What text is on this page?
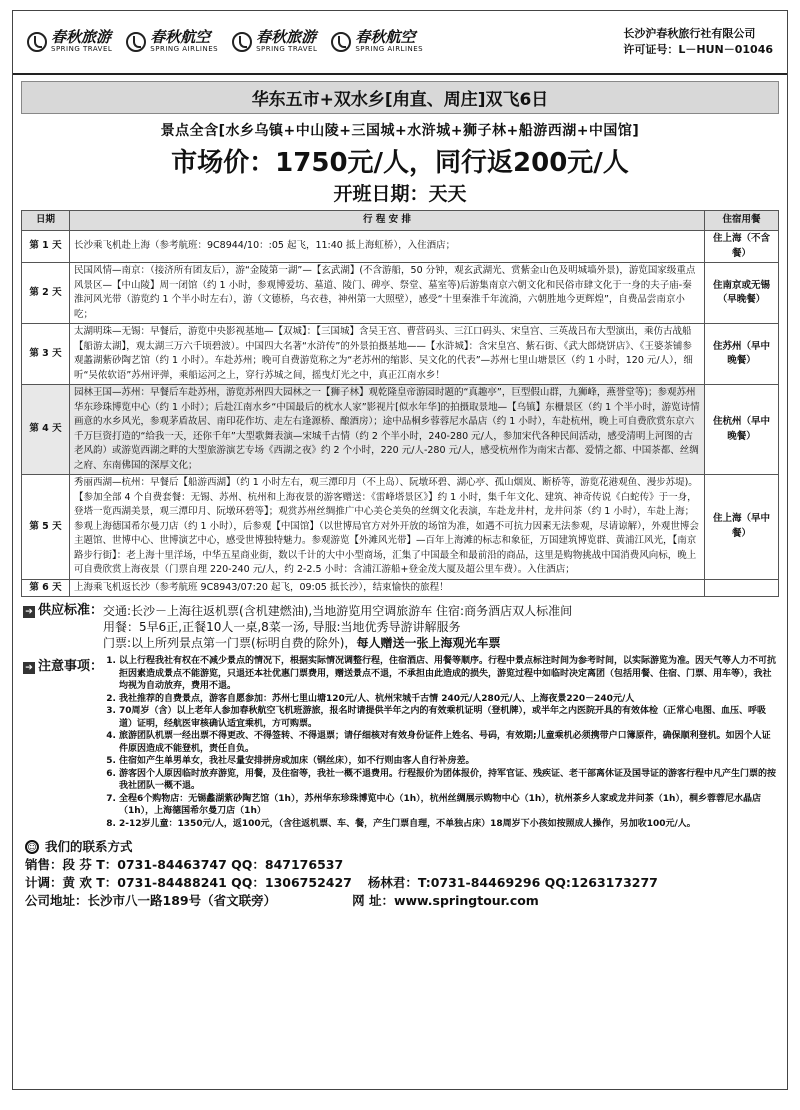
春秋旅游
SPRING TRAVEL
春秋航空
SPRING AIRLINES
春秋旅游
SPRING TRAVEL
春秋航空
SPRING AIRLINES
长沙沪春秋旅行社有限公司
许可证号：L－HUN－01046
华东五市+双水乡[甪直、周庄]双飞6日
景点全含[水乡乌镇+中山陵+三国城+水浒城+狮子林+船游西湖+中国馆]
市场价：1750元/人，同行返200元/人
开班日期：天天
日期	行 程 安 排	住宿用餐
第 1 天	长沙乘飞机赴上海（参考航班：9C8944/10：:05 起飞，11:40 抵上海虹桥），入住酒店；	住上海（不含餐）
第 2 天	民国风情—南京：（接济所有团友后），游“金陵第一湖”—【玄武湖】(不含游船，50 分钟，观玄武湖光、赏紫金山色及明城墙外景)，游览国家级重点风景区—【中山陵】周一闭馆（约 1 小时，参观博爱坊、墓道、陵门、碑亭、祭堂、墓室等)后游集南京六朝文化和民俗市肆文化于一身的夫子庙-秦淮河风光带（游览约 1 个半小时左右），游（文德桥，乌衣巷，神州第一大照壁），感受“十里秦淮千年流淌，六朝胜地今更辉煌”，自费品尝南京小吃；	住南京或无锡（早晚餐）
第 3 天	太湖明珠—无锡：早餐后，游览中央影视基地—【双城】：【三国城】含吴王宫、曹营码头、三江口码头、宋皇宫、三英战吕布大型演出，乘仿古战船【船游太湖】，观太湖三万六千顷碧波）。中国四大名著“水浒传”的外景拍摄基地——【水浒城】：含宋皇宫、紫石街、《武大郎烧饼店》、《王婆茶铺参观蠡湖紫砂陶艺馆（约 1 小时）。车赴苏州；晚可自费游览称之为“老苏州的缩影、吴文化的代表”—苏州七里山塘景区（约 1 小时，120 元/人），细听“吴侬软语”苏州评弹，乘船运河之上，穿行苏城之间，摇曳灯光之中，真正江南水乡！	住苏州（早中晚餐）
第 4 天	园林王国—苏州：早餐后车赴苏州，游览苏州四大园林之一【狮子林】观乾隆皇帝游园时题的“真趣亭”，巨型假山群，九狮峰，燕誉堂等)；参观苏州华东珍珠博览中心（约 1 小时）；后赴江南水乡“中国最后的枕水人家”影视片[似水年华]的拍摄取景地—【乌镇】东栅景区（约 1 个半小时，游览诗情画意的水乡风光，参观茅盾故居、南印花作坊、走左右逢源桥、酿酒房）；途中品桐乡蓉蓉尼水晶店（约 1 小时），车赴杭州，晚上可自费欣赏东京六千万巨资打造的“给我一天，还你千年”大型歌舞表演—宋城千古情（约 2 个半小时，240-280 元/人，参加宋代各种民间活动，感受清明上河图的古老风韵）或游览西湖之畔的大型旅游演艺专场《西湖之夜》约 2 个小时，220 元/人-280 元/人，感受杭州作为南宋古都、爱情之都、中国茶都、丝绸之府、东南佛国的深厚文化；	住杭州（早中晚餐）
第 5 天	秀丽西湖—杭州：早餐后【船游西湖】（约 1 小时左右，观三潭印月（不上岛）、阮墩环碧、湖心亭、孤山烟岚、断桥等，游览花港观鱼、漫步苏堤)。【参加全部 4 个自费套餐：无锡、苏州、杭州和上海夜景的游客赠送：《雷峰塔景区》】约 1 小时，集千年文化、建筑、神奇传说《白蛇传》于一身，登塔一览西湖美景，观三潭印月、阮墩环碧等】；观赏苏州丝绸推广中心美仑美奂的丝绸文化表演，车赴龙井村，龙井问茶（约 1 小时），车赴上海；参观上海德国希尔曼刀店（约 1 小时），后参观【中国馆】（以世博局官方对外开放的场馆为准，如遇不可抗力因素无法参观，尽请谅解），外观世博会主题馆、世博中心、世博演艺中心，感受世博独特魅力。参观游览【外滩风光带】—百年上海滩的标志和象征，万国建筑博览群、黄浦江风光，【南京路步行街】：老上海十里洋场，中华五星商业街，数以千计的大中小型商场，汇集了中国最全和最前沿的商品，这里是购物挑战中国消费风向标，晚上可自费欣赏上海夜景（门票自理 220-240 元/人，约 2-2.5 小时：含浦江游船+登金茂大厦及超公里车费）。入住酒店；	住上海（早中餐）
第 6 天	上海乘飞机返长沙（参考航班 9C8943/07:20 起飞，09:05 抵长沙），结束愉快的旅程！	
➔ 供应标准： 交通:长沙－上海往返机票(含机建燃油),当地游览用空调旅游车 住宿:商务酒店双人标准间
用餐：5早6正,正餐10人一桌,8菜一汤, 导服:当地优秀导游讲解服务
门票:以上所列景点第一门票(标明自费的除外)，每人赠送一张上海观光车票
➔ 注意事项： 1. 以上行程我社有权在不减少景点的情况下，根据实际情况调整行程，住宿酒店、用餐等顺序。行程中景点标注时间为参考时间，以实际游览为准。因天气等人力不可抗拒因素造成景点不能游览，只退还本社优惠门票费用，赠送景点不退，不承担由此造成的损失，游览过程中如临时决定离团（包括用餐、住宿、门票、用车等），我社均视为自动放弃，费用不退。
2. 我社推荐的自费景点，游客自愿参加：苏州七里山塘120元/人、杭州宋城千古情 240元/人280元/人、上海夜景220－240元/人
3. 70周岁（含）以上老年人参加春秋航空飞机班游旅，报名时请提供半年之内的有效乘机证明（登机牌），或半年之内医院开具的有效体检（正常心电图、血压、呼吸道）证明，经航医审核确认适宜乘机，方可购票。
4. 旅游团队机票一经出票不得更改、不得签转、不得退票；请仔细核对有效身份证件上姓名、号码，有效期;儿童乘机必须携带户口簿原件，确保顺利登机。如因个人证件原因造成不能登机，责任自负。
5. 住宿如产生单男单女，我社尽量安排拼房或加床（钢丝床），如不行则由客人自行补房差。
6. 游客因个人原因临时放弃游览，用餐，及住宿等，我社一概不退费用。行程报价为团体报价，持军官证、残疾证、老干部离休证及国导证的游客行程中凡产生门票的按我社团队一概不退。
7. 全程6个购物店：无锡蠡湖紫砂陶艺馆（1h），苏州华东珍珠博览中心（1h），杭州丝绸展示购物中心（1h），杭州茶乡人家或龙井问茶（1h），桐乡蓉蓉尼水晶店（1h），上海德国希尔曼刀店（1h）
8. 2-12岁儿童：1350元/人，返100元，（含往返机票、车、餐，产生门票自理，不单独占床）18周岁下小孩如按照成人操作，另加收100元/人。
☺ 我们的联系方式
销售：段 芬 T：0731-84463747 QQ：847176537
计调：黄 欢 T：0731-84488241 QQ：1306752427 杨林君：T:0731-84469296 QQ:1263173277
公司地址：长沙市八一路189号（省文联旁）	网 址：www.springtour.com
